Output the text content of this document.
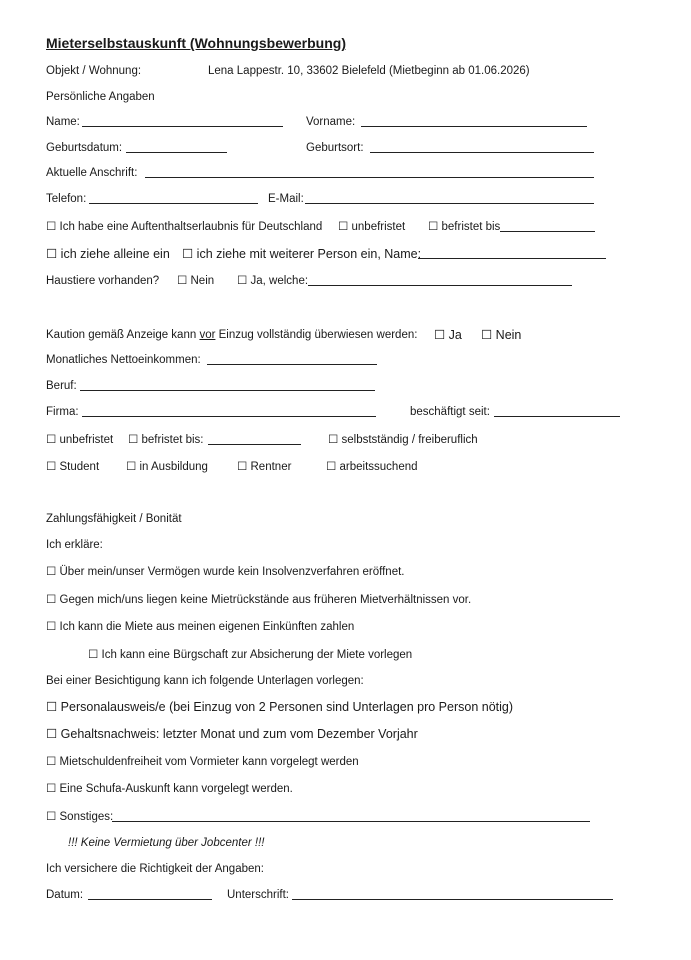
Mieterselbstauskunft (Wohnungsbewerbung)
Objekt / Wohnung:	Lena Lappestr. 10, 33602 Bielefeld (Mietbeginn ab 01.06.2026)
Persönliche Angaben
Name:	Vorname:
Geburtsdatum:	Geburtsort:
Aktuelle Anschrift:
Telefon:	E-Mail:
☐ Ich habe eine Auftenthaltserlaubnis für Deutschland ☐ unbefristet ☐ befristet bis
☐ ich ziehe alleine ein ☐ ich ziehe mit weiterer Person ein, Name:
Haustiere vorhanden? ☐ Nein ☐ Ja, welche:
Kaution gemäß Anzeige kann vor Einzug vollständig überwiesen werden: ☐ Ja ☐ Nein
Monatliches Nettoeinkommen:
Beruf:
Firma:	beschäftigt seit:
☐ unbefristet ☐ befristet bis:	☐ selbstständig / freiberuflich
☐ Student ☐ in Ausbildung	☐ Rentner	☐ arbeitssuchend
Zahlungsfähigkeit / Bonität
Ich erkläre:
☐ Über mein/unser Vermögen wurde kein Insolvenzverfahren eröffnet.
☐ Gegen mich/uns liegen keine Mietrückstände aus früheren Mietverhältnissen vor.
☐ Ich kann die Miete aus meinen eigenen Einkünften zahlen
☐ Ich kann eine Bürgschaft zur Absicherung der Miete vorlegen
Bei einer Besichtigung kann ich folgende Unterlagen vorlegen:
☐ Personalausweis/e (bei Einzug von 2 Personen sind Unterlagen pro Person nötig)
☐ Gehaltsnachweis: letzter Monat und zum vom Dezember Vorjahr
☐ Mietschuldenfreiheit vom Vormieter kann vorgelegt werden
☐ Eine Schufa-Auskunft kann vorgelegt werden.
☐ Sonstiges:
!!! Keine Vermietung über Jobcenter !!!
Ich versichere die Richtigkeit der Angaben:
Datum:	Unterschrift:
